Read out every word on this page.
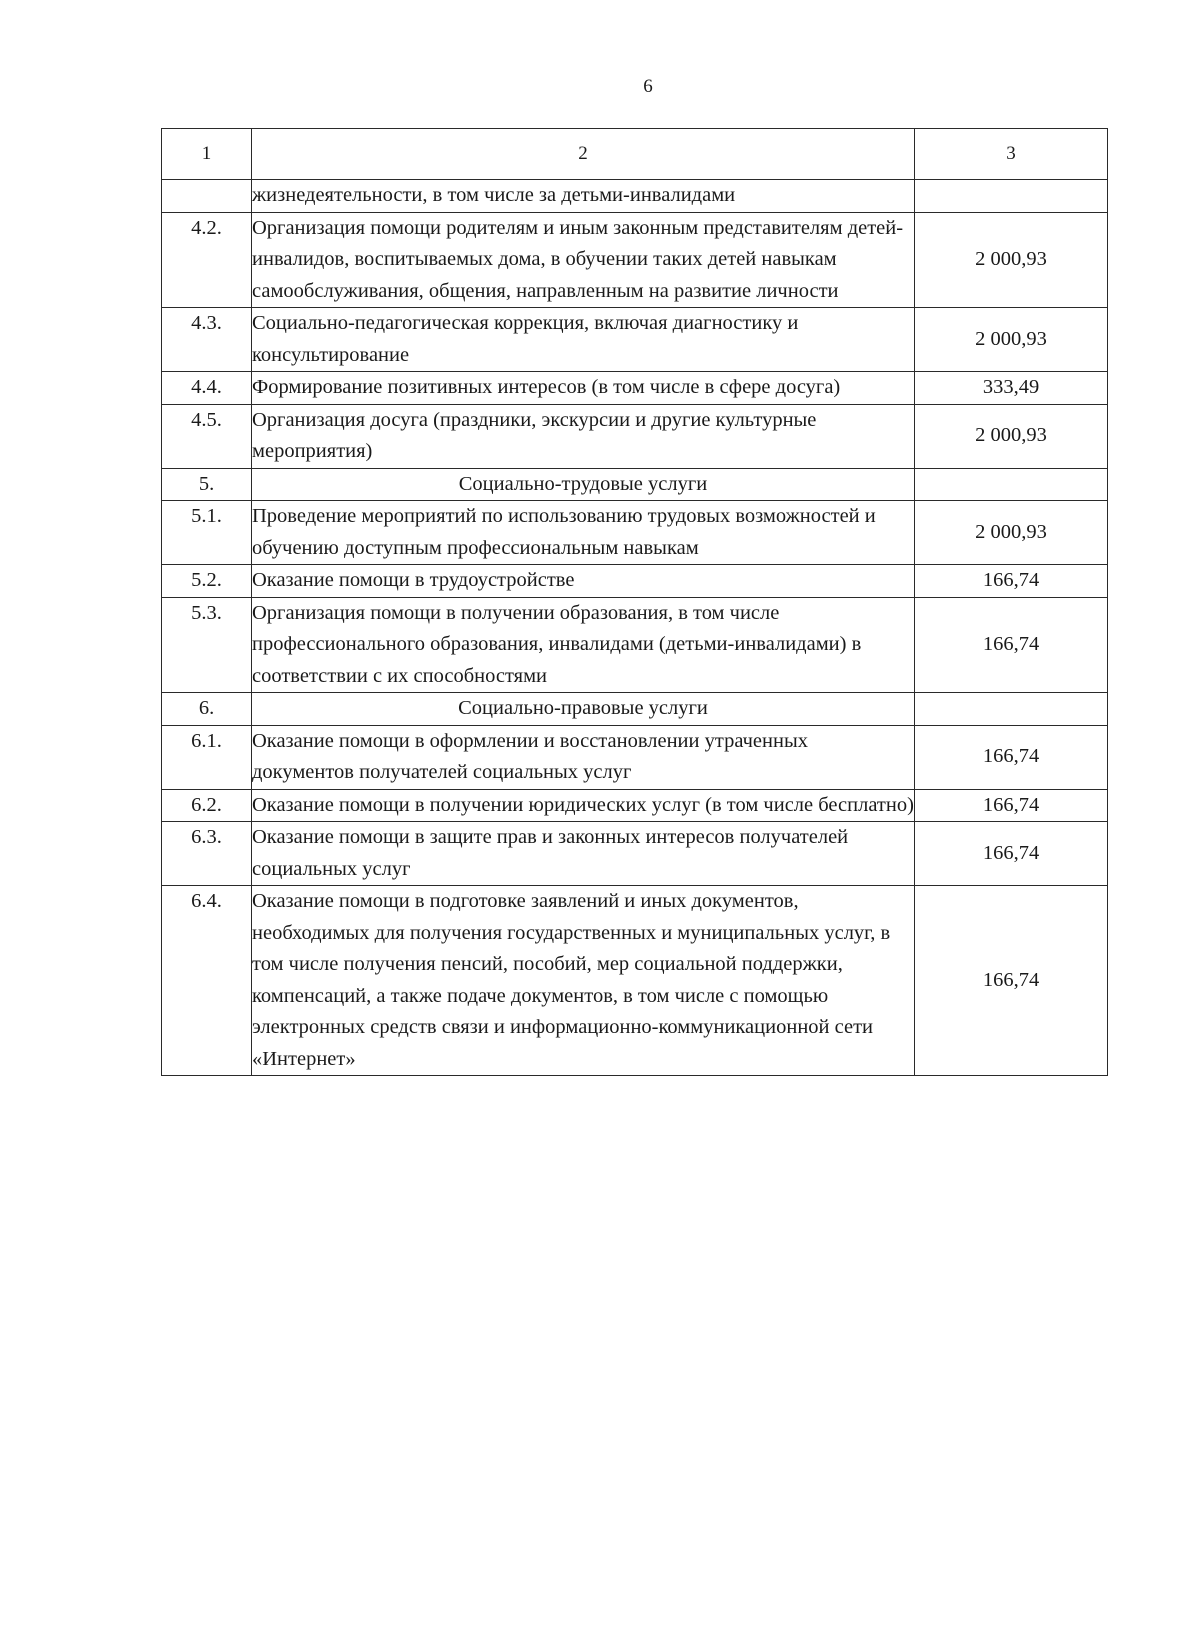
6
1	2	3
	жизнедеятельности, в том числе за детьми-инвалидами	
4.2.	Организация помощи родителям и иным законным представителям детей-инвалидов, воспитываемых дома, в обучении таких детей навыкам самообслуживания, общения, направленным на развитие личности	2 000,93
4.3.	Социально-педагогическая коррекция, включая диагностику и консультирование	2 000,93
4.4.	Формирование позитивных интересов (в том числе в сфере досуга)	333,49
4.5.	Организация досуга (праздники, экскурсии и другие культурные мероприятия)	2 000,93
5.	Социально-трудовые услуги	
5.1.	Проведение мероприятий по использованию трудовых возможностей и обучению доступным профессиональным навыкам	2 000,93
5.2.	Оказание помощи в трудоустройстве	166,74
5.3.	Организация помощи в получении образования, в том числе профессионального образования, инвалидами (детьми-инвалидами) в соответствии с их способностями	166,74
6.	Социально-правовые услуги	
6.1.	Оказание помощи в оформлении и восстановлении утраченных документов получателей социальных услуг	166,74
6.2.	Оказание помощи в получении юридических услуг (в том числе бесплатно)	166,74
6.3.	Оказание помощи в защите прав и законных интересов получателей социальных услуг	166,74
6.4.	Оказание помощи в подготовке заявлений и иных документов, необходимых для получения государственных и муниципальных услуг, в том числе получения пенсий, пособий, мер социальной поддержки, компенсаций, а также подаче документов, в том числе с помощью электронных средств связи и информационно-коммуникационной сети «Интернет»	166,74
